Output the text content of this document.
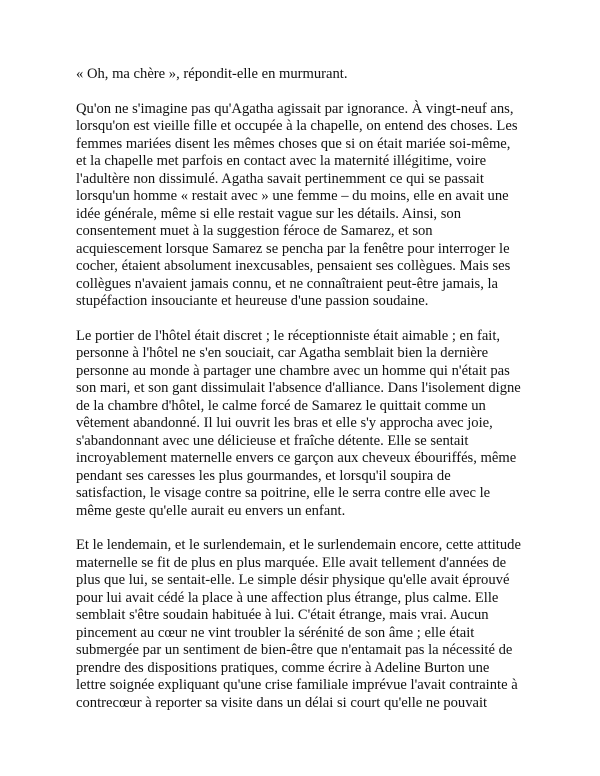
« Oh, ma chère », répondit-elle en murmurant.

Qu'on ne s'imagine pas qu'Agatha agissait par ignorance. À vingt-neuf ans,
lorsqu'on est vieille fille et occupée à la chapelle, on entend des choses. Les
femmes mariées disent les mêmes choses que si on était mariée soi-même,
et la chapelle met parfois en contact avec la maternité illégitime, voire
l'adultère non dissimulé. Agatha savait pertinemment ce qui se passait
lorsqu'un homme « restait avec » une femme – du moins, elle en avait une
idée générale, même si elle restait vague sur les détails. Ainsi, son
consentement muet à la suggestion féroce de Samarez, et son
acquiescement lorsque Samarez se pencha par la fenêtre pour interroger le
cocher, étaient absolument inexcusables, pensaient ses collègues. Mais ses
collègues n'avaient jamais connu, et ne connaîtraient peut-être jamais, la
stupéfaction insouciante et heureuse d'une passion soudaine.

Le portier de l'hôtel était discret ; le réceptionniste était aimable ; en fait,
personne à l'hôtel ne s'en souciait, car Agatha semblait bien la dernière
personne au monde à partager une chambre avec un homme qui n'était pas
son mari, et son gant dissimulait l'absence d'alliance. Dans l'isolement digne
de la chambre d'hôtel, le calme forcé de Samarez le quittait comme un
vêtement abandonné. Il lui ouvrit les bras et elle s'y approcha avec joie,
s'abandonnant avec une délicieuse et fraîche détente. Elle se sentait
incroyablement maternelle envers ce garçon aux cheveux ébouriffés, même
pendant ses caresses les plus gourmandes, et lorsqu'il soupira de
satisfaction, le visage contre sa poitrine, elle le serra contre elle avec le
même geste qu'elle aurait eu envers un enfant.

Et le lendemain, et le surlendemain, et le surlendemain encore, cette attitude
maternelle se fit de plus en plus marquée. Elle avait tellement d'années de
plus que lui, se sentait-elle. Le simple désir physique qu'elle avait éprouvé
pour lui avait cédé la place à une affection plus étrange, plus calme. Elle
semblait s'être soudain habituée à lui. C'était étrange, mais vrai. Aucun
pincement au cœur ne vint troubler la sérénité de son âme ; elle était
submergée par un sentiment de bien-être que n'entamait pas la nécessité de
prendre des dispositions pratiques, comme écrire à Adeline Burton une
lettre soignée expliquant qu'une crise familiale imprévue l'avait contrainte à
contrecœur à reporter sa visite dans un délai si court qu'elle ne pouvait
